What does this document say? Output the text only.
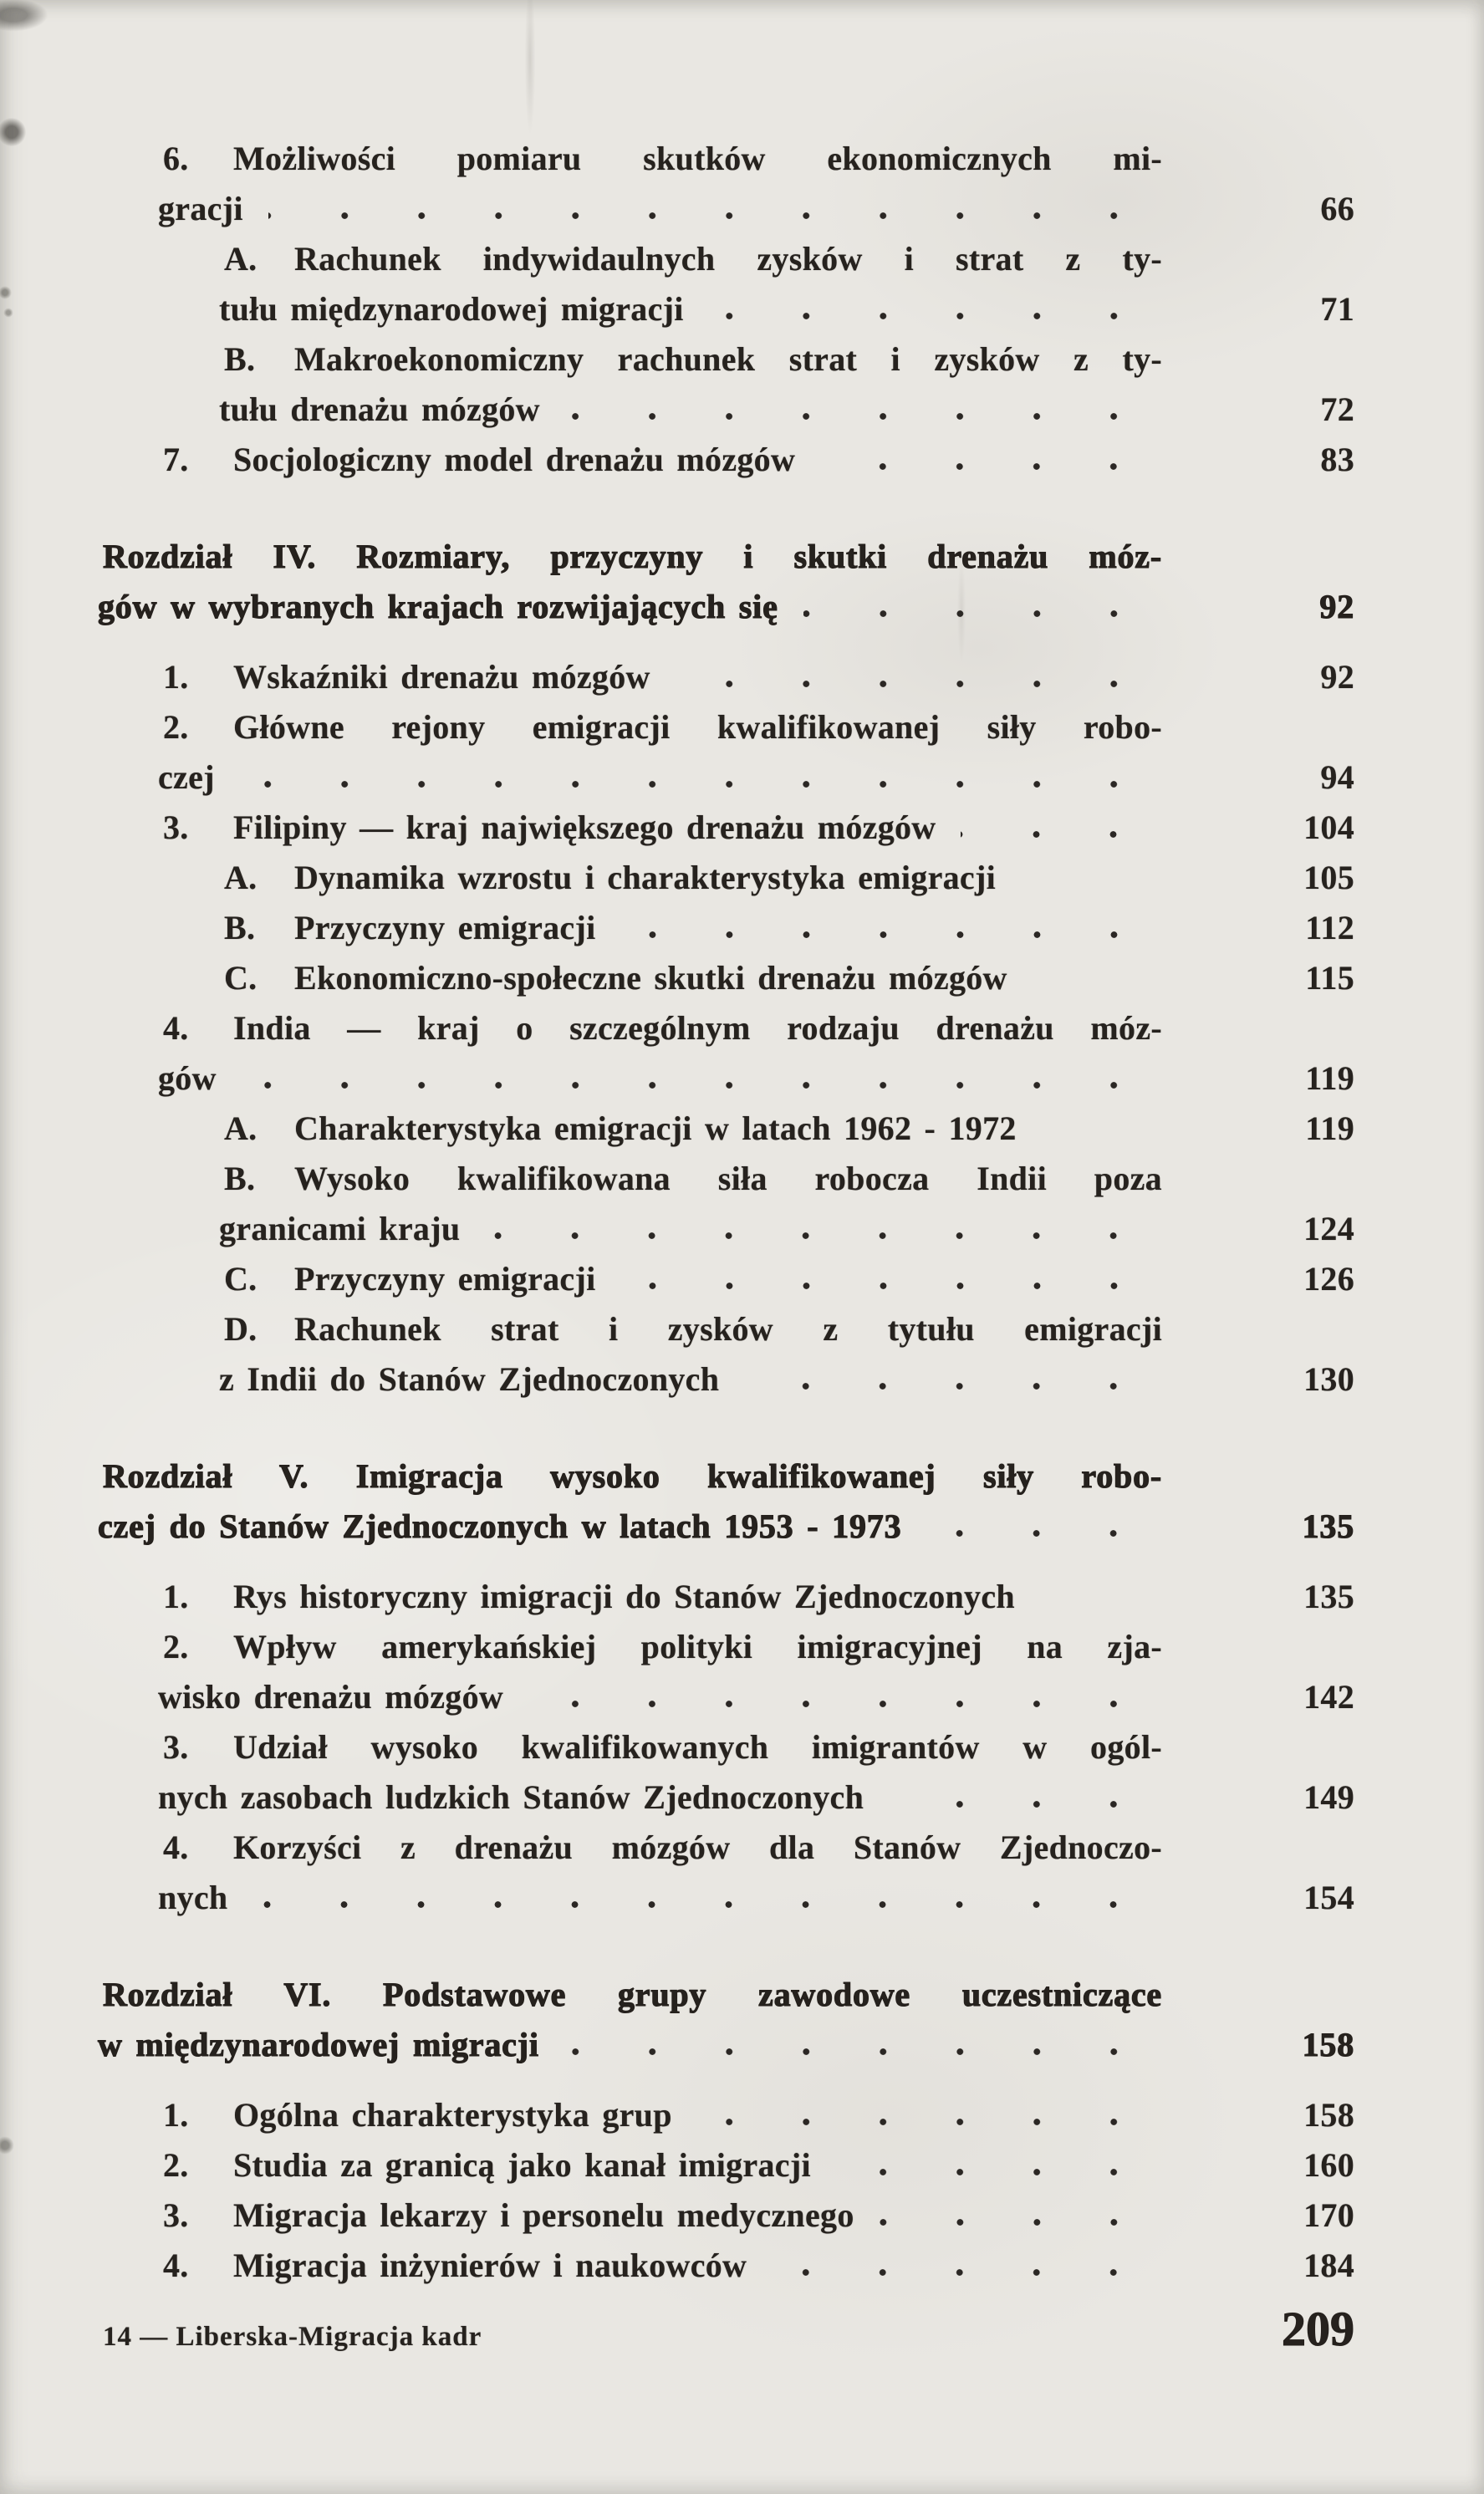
6. Możliwości pomiaru skutków ekonomicznych mi-
gracji	66
A. Rachunek indywidaulnych zysków i strat z ty-
tułu międzynarodowej migracji	71
B. Makroekonomiczny rachunek strat i zysków z ty-
tułu drenażu mózgów	72
7. Socjologiczny model drenażu mózgów	83
Rozdział IV. Rozmiary, przyczyny i skutki drenażu móz-
gów w wybranych krajach rozwijających się	92
1. Wskaźniki drenażu mózgów	92
2. Główne rejony emigracji kwalifikowanej siły robo-
czej	94
3. Filipiny — kraj największego drenażu mózgów	104
A. Dynamika wzrostu i charakterystyka emigracji	105
B. Przyczyny emigracji	112
C. Ekonomiczno-społeczne skutki drenażu mózgów	115
4. India — kraj o szczególnym rodzaju drenażu móz-
gów	119
A. Charakterystyka emigracji w latach 1962 - 1972	119
B. Wysoko kwalifikowana siła robocza Indii poza
granicami kraju	124
C. Przyczyny emigracji	126
D. Rachunek strat i zysków z tytułu emigracji
z Indii do Stanów Zjednoczonych	130
Rozdział V. Imigracja wysoko kwalifikowanej siły robo-
czej do Stanów Zjednoczonych w latach 1953 - 1973	135
1. Rys historyczny imigracji do Stanów Zjednoczonych	135
2. Wpływ amerykańskiej polityki imigracyjnej na zja-
wisko drenażu mózgów	142
3. Udział wysoko kwalifikowanych imigrantów w ogól-
nych zasobach ludzkich Stanów Zjednoczonych	149
4. Korzyści z drenażu mózgów dla Stanów Zjednoczo-
nych	154
Rozdział VI. Podstawowe grupy zawodowe uczestniczące
w międzynarodowej migracji	158
1. Ogólna charakterystyka grup	158
2. Studia za granicą jako kanał imigracji	160
3. Migracja lekarzy i personelu medycznego	170
4. Migracja inżynierów i naukowców	184
14 — Liberska-Migracja kadr	209
